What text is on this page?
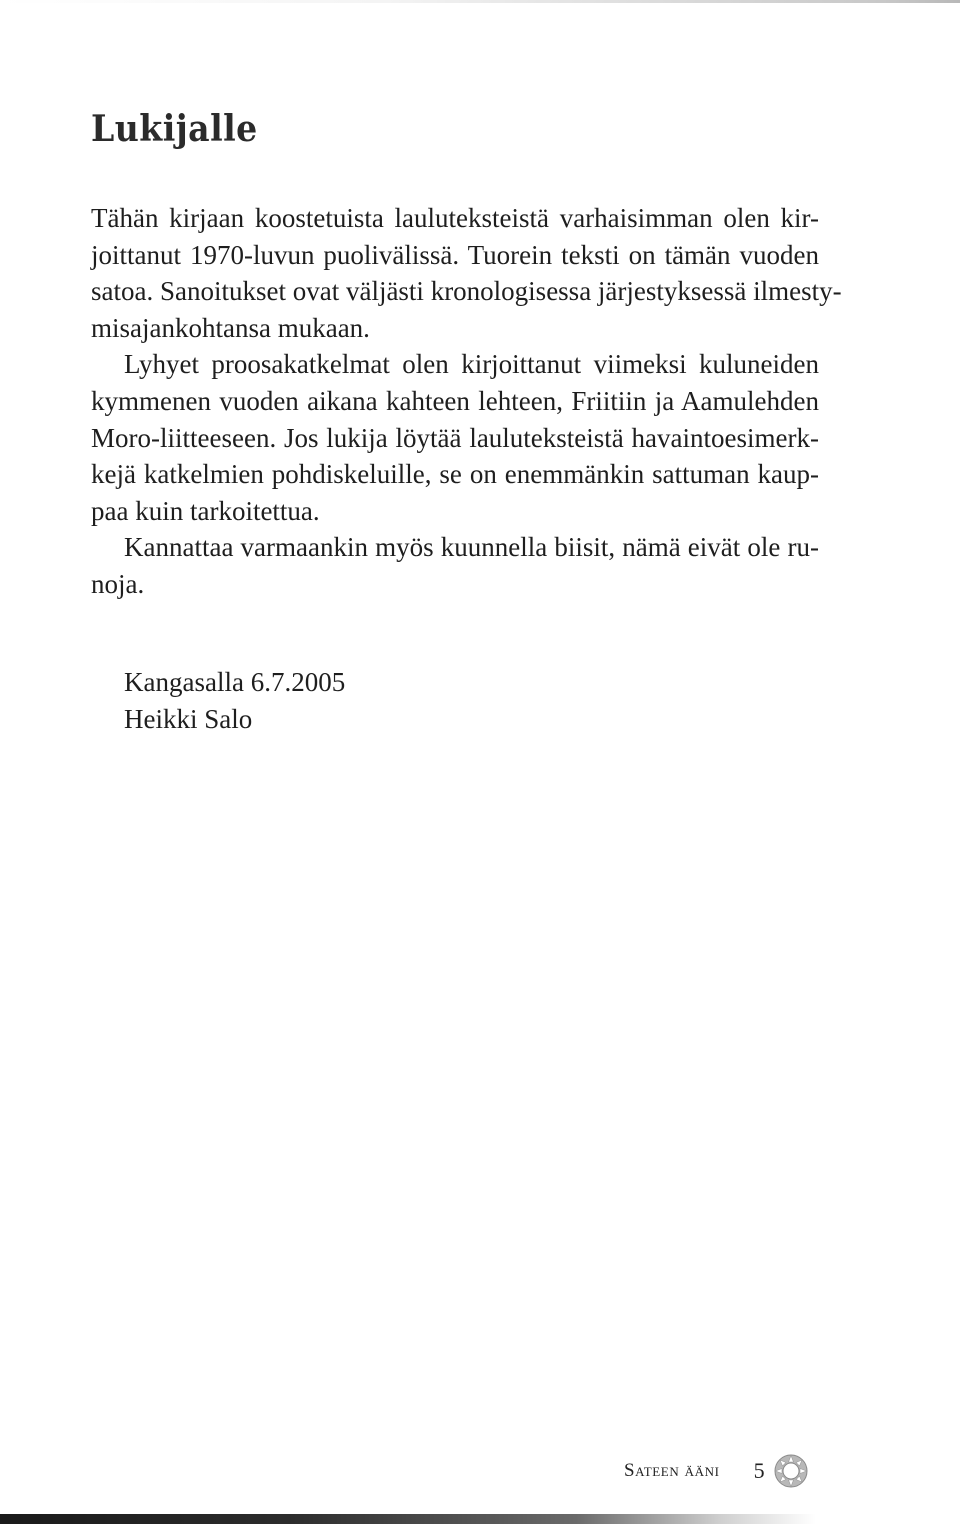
Lukijalle

Tähän kirjaan koostetuista lauluteksteistä varhaisimman olen kir-
joittanut 1970-luvun puolivälissä. Tuorein teksti on tämän vuoden
satoa. Sanoitukset ovat väljästi kronologisessa järjestyksessä ilmesty-
misajankohtansa mukaan.

Lyhyet proosakatkelmat olen kirjoittanut viimeksi kuluneiden
kymmenen vuoden aikana kahteen lehteen, Friitiin ja Aamulehden
Moro-liitteeseen. Jos lukija löytää lauluteksteistä havaintoesimerk-
kejä katkelmien pohdiskeluille, se on enemmänkin sattuman kaup-
paa kuin tarkoitettua.

Kannattaa varmaankin myös kuunnella biisit, nämä eivät ole ru-
noja.

Kangasalla 6.7.2005
Heikki Salo
Sateen ääni 5
